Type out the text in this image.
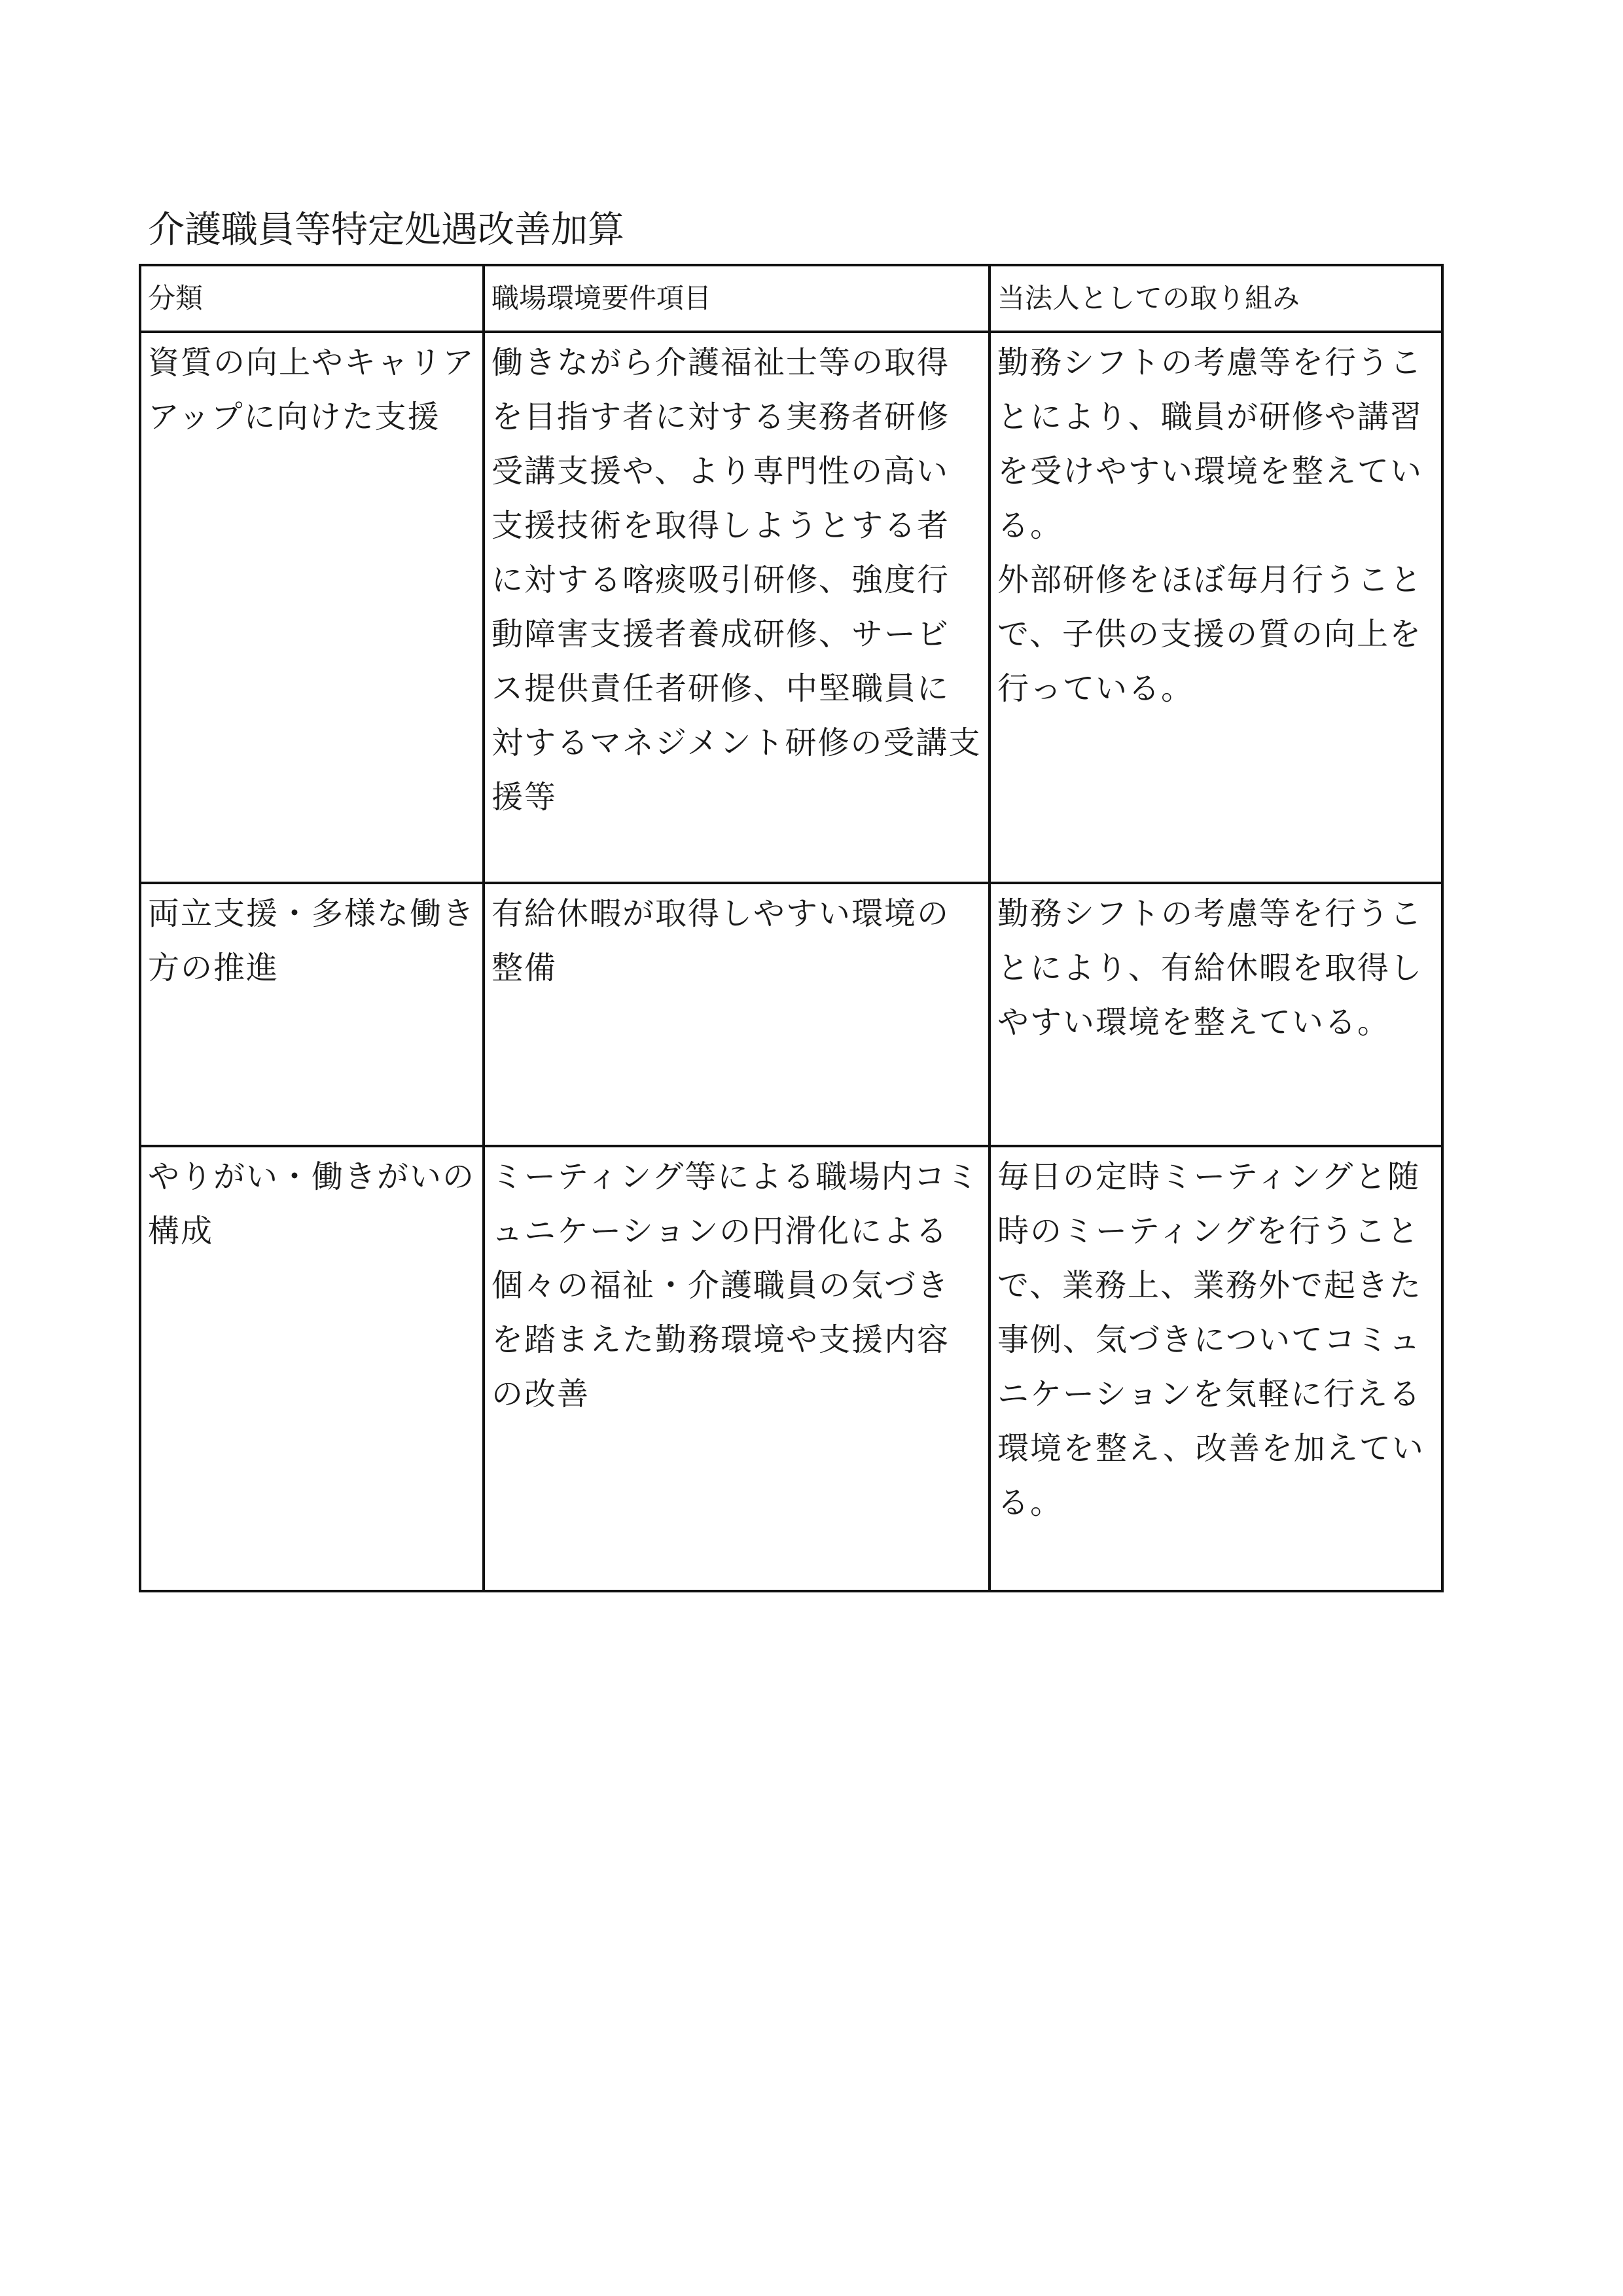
介護職員等特定処遇改善加算
分類	職場環境要件項目	当法人としての取り組み
資質の向上やキャリアアップに向けた支援	働きながら介護福祉士等の取得を目指す者に対する実務者研修受講支援や、より専門性の高い支援技術を取得しようとする者に対する喀痰吸引研修、強度行動障害支援者養成研修、サービス提供責任者研修、中堅職員に対するマネジメント研修の受講支援等	勤務シフトの考慮等を行うことにより、職員が研修や講習を受けやすい環境を整えている。
外部研修をほぼ毎月行うことで、子供の支援の質の向上を行っている。

両立支援・多様な働き方の推進	有給休暇が取得しやすい環境の整備	勤務シフトの考慮等を行うことにより、有給休暇を取得しやすい環境を整えている。

やりがい・働きがいの構成	ミーティング等による職場内コミュニケーションの円滑化による個々の福祉・介護職員の気づきを踏まえた勤務環境や支援内容の改善	毎日の定時ミーティングと随時のミーティングを行うことで、業務上、業務外で起きた事例、気づきについてコミュニケーションを気軽に行える環境を整え、改善を加えている。
